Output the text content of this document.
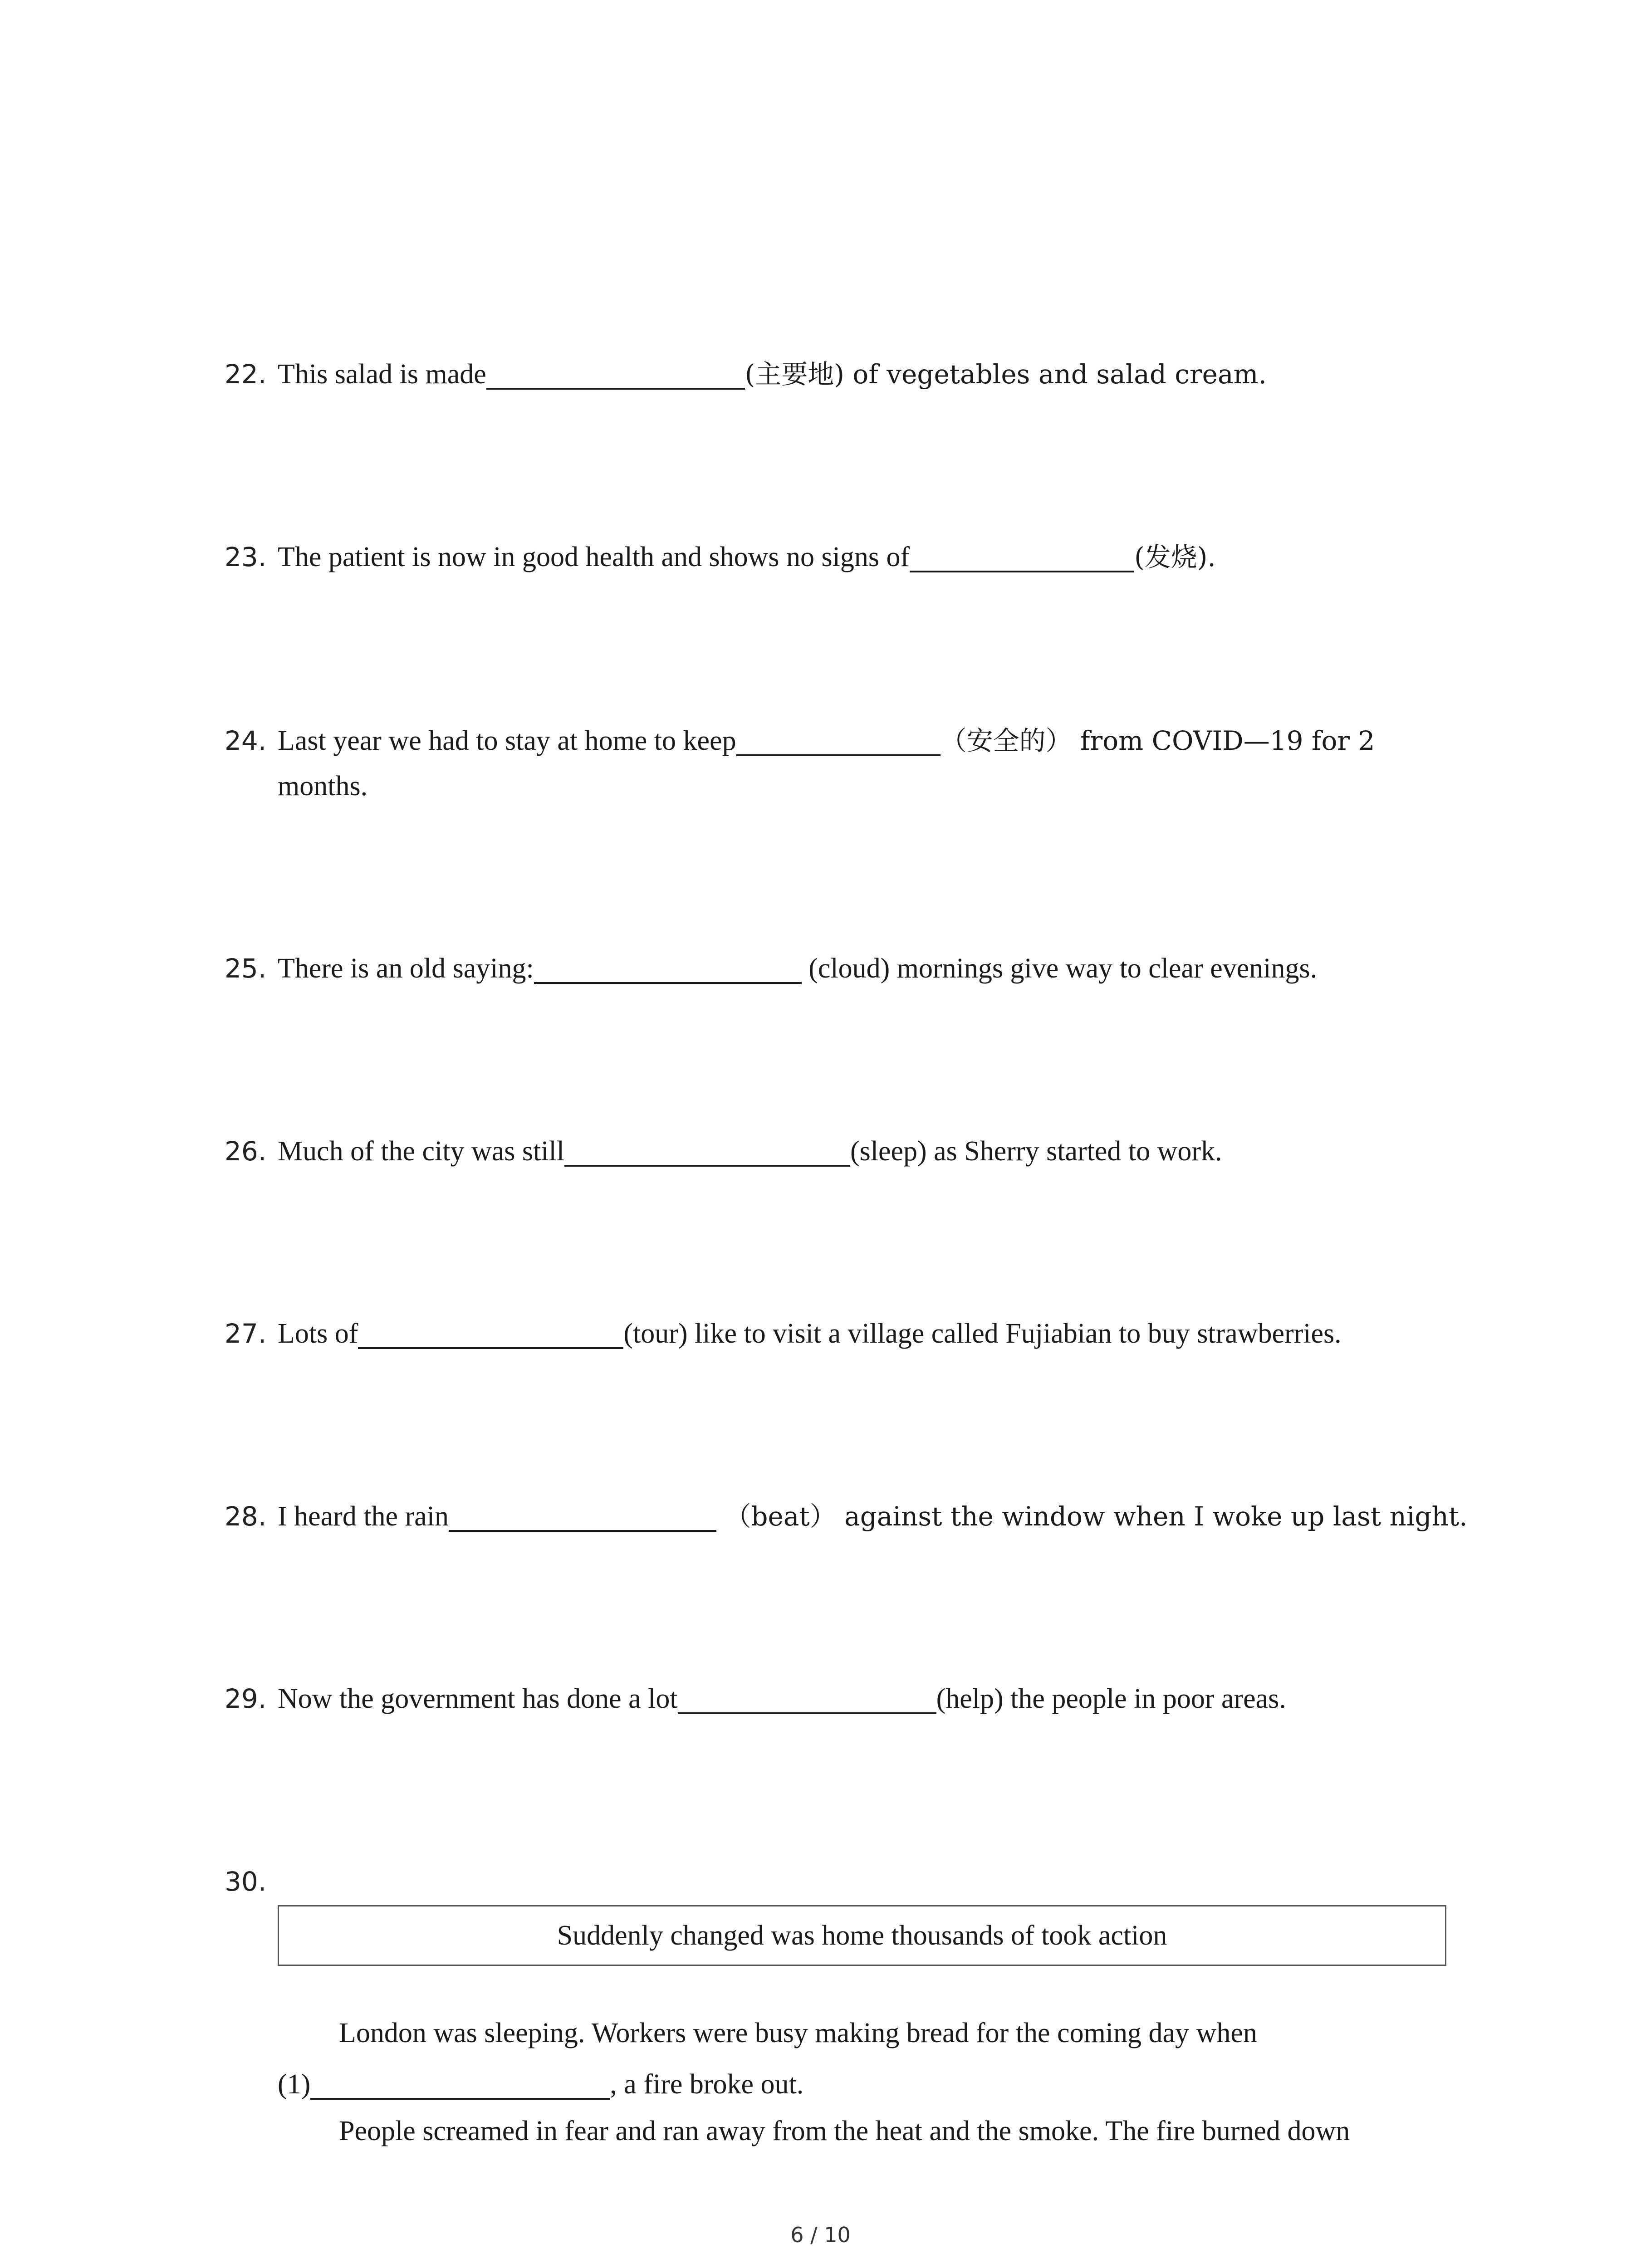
22. This salad is made	(主要地) of vegetables and salad cream.
23. The patient is now in good health and shows no signs of	(发烧).
24. Last year we had to stay at home to keep	（安全的） from COVID—19 for 2
months.
25. There is an old saying:	(cloud) mornings give way to clear evenings.
26. Much of the city was still	(sleep) as Sherry started to work.
27. Lots of	(tour) like to visit a village called Fujiabian to buy strawberries.
28. I heard the rain	（beat） against the window when I woke up last night.
29. Now the government has done a lot	(help) the people in poor areas.
30.
Suddenly changed was home thousands of took action
London was sleeping. Workers were busy making bread for the coming day when
(1)	, a fire broke out.
People screamed in fear and ran away from the heat and the smoke. The fire burned down
6 / 10
